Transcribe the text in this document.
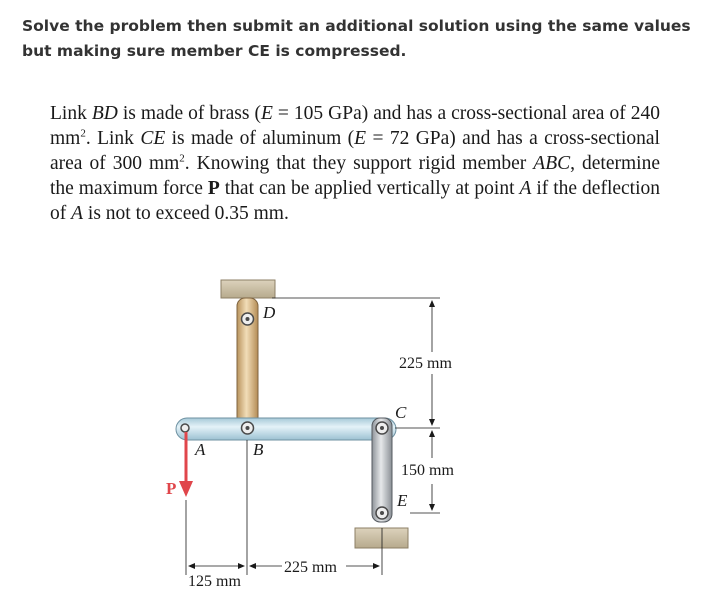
Solve the problem then submit an additional solution using the same values but making sure member CE is compressed.

Link BD is made of brass (E = 105 GPa) and has a cross-sectional area of 240 $mm^2$. Link CE is made of aluminum (E = 72 GPa) and has a cross-sectional area of 300 $mm^2$. Knowing that they support rigid member ABC, determine the maximum force P that can be applied vertically at point A if the deflection of A is not to exceed 0.35 mm.

D
C
A	B
E
P
225 mm
150 mm
125 mm
225 mm
